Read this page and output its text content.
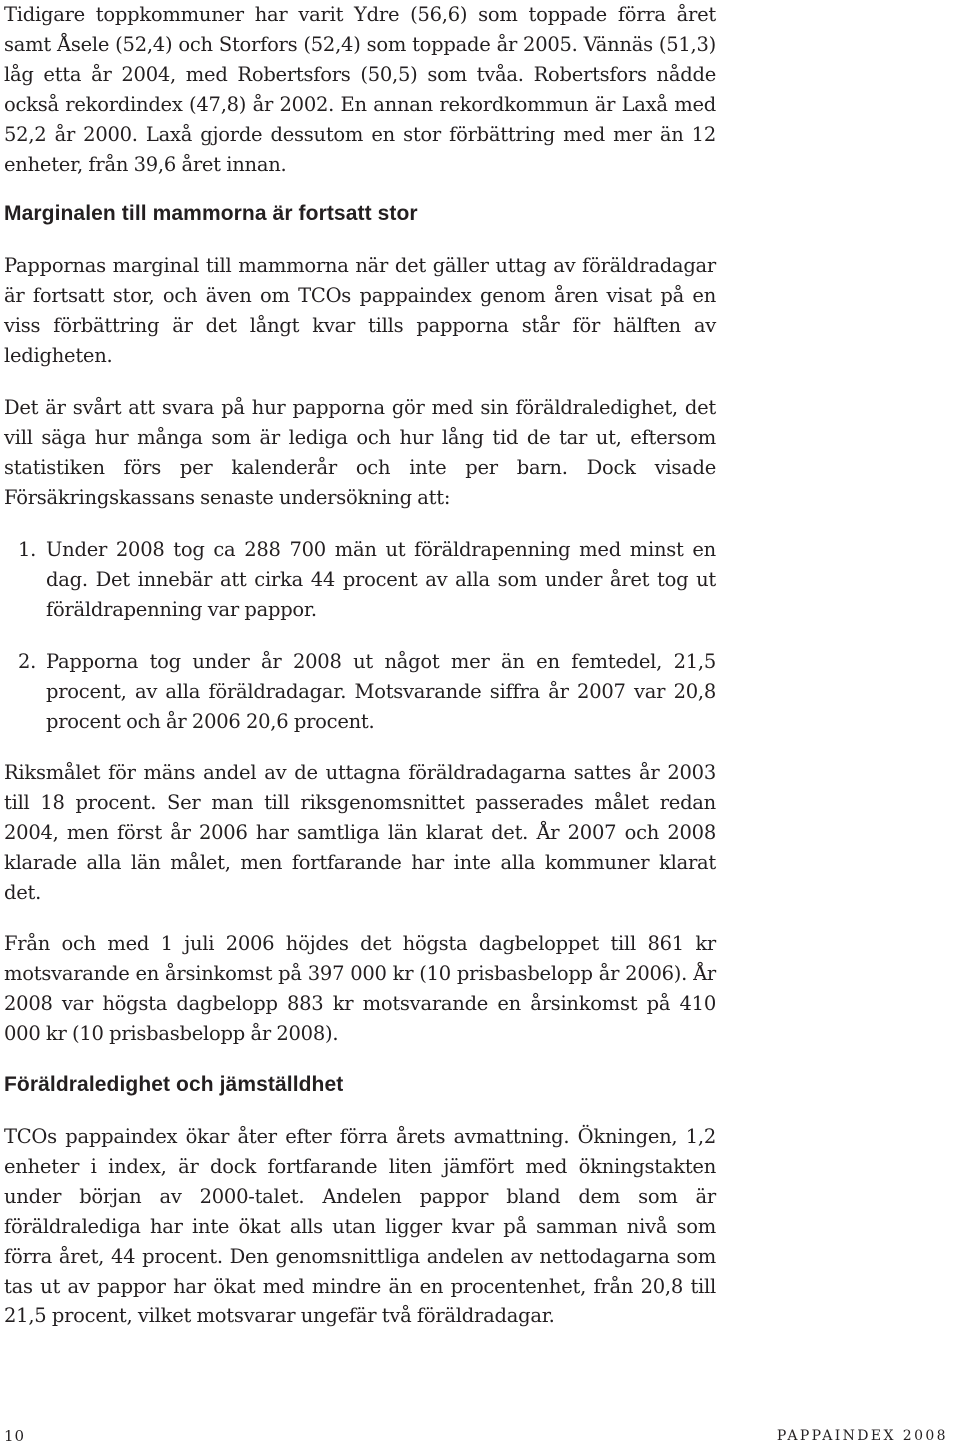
Tidigare toppkommuner har varit Ydre (56,6) som toppade förra året samt Åsele (52,4) och Storfors (52,4) som toppade år 2005. Vännäs (51,3) låg etta år 2004, med Robertsfors (50,5) som tvåa. Robertsfors nådde också rekordindex (47,8) år 2002. En annan rekordkommun är Laxå med 52,2 år 2000. Laxå gjorde dessutom en stor förbättring med mer än 12 enheter, från 39,6 året innan.

Marginalen till mammorna är fortsatt stor

Pappornas marginal till mammorna när det gäller uttag av föräldradagar är fortsatt stor, och även om TCOs pappaindex genom åren visat på en viss förbättring är det långt kvar tills papporna står för hälften av ledigheten.

Det är svårt att svara på hur papporna gör med sin föräldraledighet, det vill säga hur många som är lediga och hur lång tid de tar ut, eftersom statistiken förs per kalenderår och inte per barn. Dock visade Försäkringskassans senaste undersökning att:

1. Under 2008 tog ca 288 700 män ut föräldrapenning med minst en dag. Det innebär att cirka 44 procent av alla som under året tog ut föräldrapenning var pappor.
2. Papporna tog under år 2008 ut något mer än en femtedel, 21,5 procent, av alla föräldradagar. Motsvarande siffra år 2007 var 20,8 procent och år 2006 20,6 procent.

Riksmålet för mäns andel av de uttagna föräldradagarna sattes år 2003 till 18 procent. Ser man till riksgenomsnittet passerades målet redan 2004, men först år 2006 har samtliga län klarat det. År 2007 och 2008 klarade alla län målet, men fortfarande har inte alla kommuner klarat det.

Från och med 1 juli 2006 höjdes det högsta dagbeloppet till 861 kr motsvarande en årsinkomst på 397 000 kr (10 prisbasbelopp år 2006). År 2008 var högsta dagbelopp 883 kr motsvarande en årsinkomst på 410 000 kr (10 prisbasbelopp år 2008).

Föräldraledighet och jämställdhet

TCOs pappaindex ökar åter efter förra årets avmattning. Ökningen, 1,2 enheter i index, är dock fortfarande liten jämfört med ökningstakten under början av 2000-talet. Andelen pappor bland dem som är föräldralediga har inte ökat alls utan ligger kvar på samman nivå som förra året, 44 procent. Den genomsnittliga andelen av nettodagarna som tas ut av pappor har ökat med mindre än en procentenhet, från 20,8 till 21,5 procent, vilket motsvarar ungefär två föräldradagar.

10	PAPPAINDEX 2008
